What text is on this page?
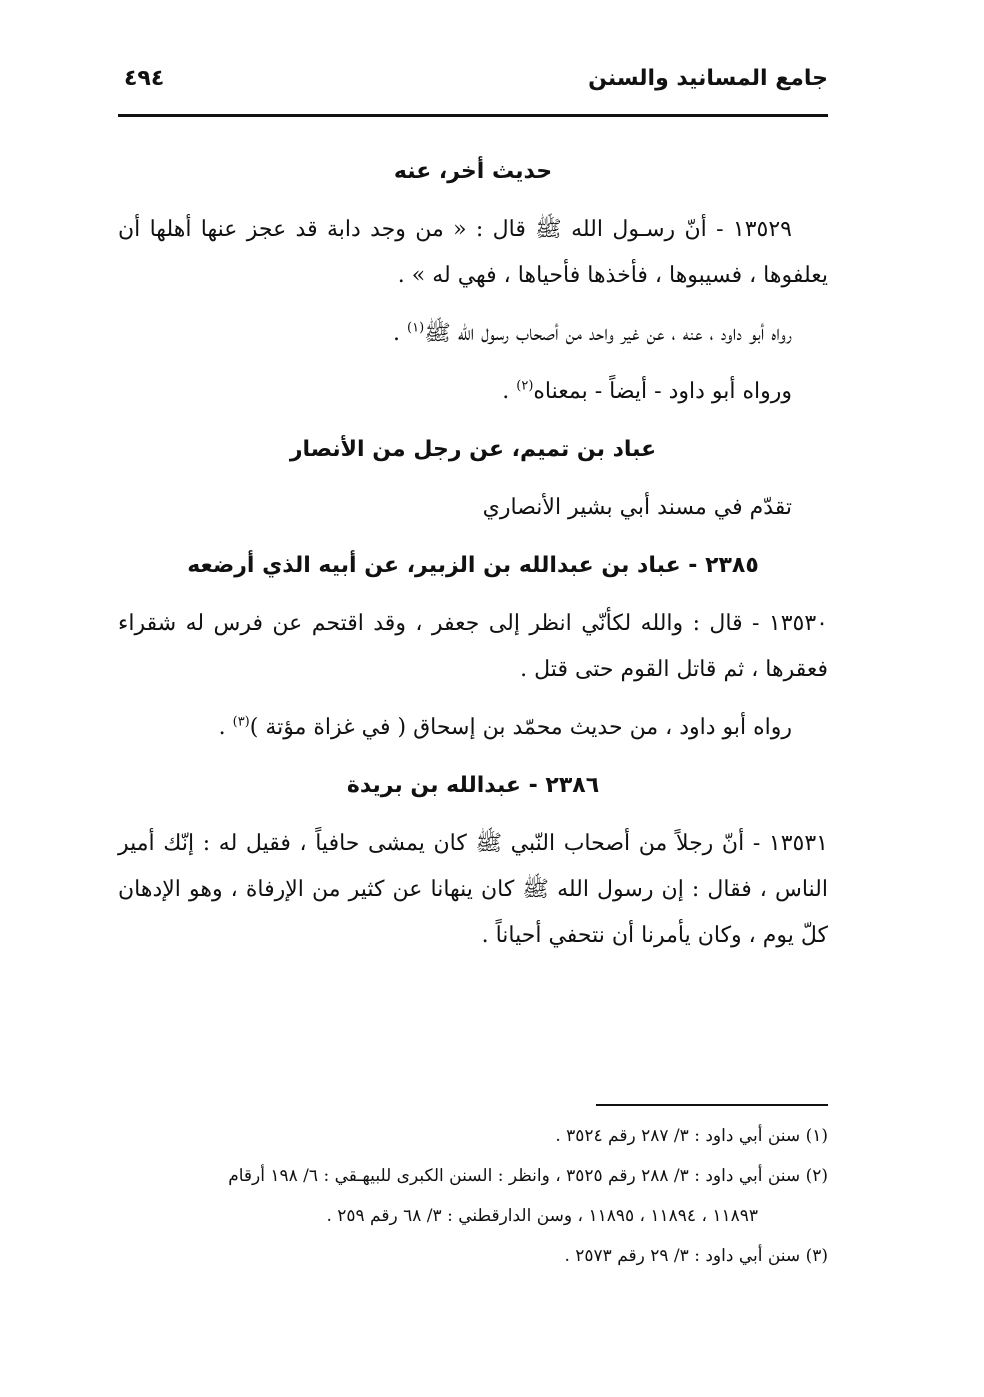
جامع المسانيد والسنن
٤٩٤
حديث أخر، عنه

١٣٥٢٩ - أنّ رسـول الله ﷺ قال : « من وجد دابة قد عجز عنها أهلها أن يعلفوها ، فسيبوها ، فأخذها فأحياها ، فهي له » .

رواه أبو داود ، عنه ، عن غير واحد من أصحاب رسول الله ﷺ$^{(١)}$ .

ورواه أبو داود - أيضاً - بمعناه$^{(٢)}$ .

عباد بن تميم، عن رجل من الأنصار

تقدّم في مسند أبي بشير الأنصاري

٢٣٨٥ - عباد بن عبدالله بن الزبير، عن أبيه الذي أرضعه

١٣٥٣٠ - قال : والله لكأنّي انظر إلى جعفر ، وقد اقتحم عن فرس له شقراء فعقرها ، ثم قاتل القوم حتى قتل .

رواه أبو داود ، من حديث محمّد بن إسحاق ( في غزاة مؤتة )$^{(٣)}$ .

٢٣٨٦ - عبدالله بن بريدة

١٣٥٣١ - أنّ رجلاً من أصحاب النّبي ﷺ كان يمشى حافياً ، فقيل له : إنّك أمير الناس ، فقال : إن رسول الله ﷺ كان ينهانا عن كثير من الإرفاة ، وهو الإدهان كلّ يوم ، وكان يأمرنا أن نتحفي أحياناً .

(١) سنن أبي داود : ٣/ ٢٨٧ رقم ٣٥٢٤ .

(٢) سنن أبي داود : ٣/ ٢٨٨ رقم ٣٥٢٥ ، وانظر : السنن الكبرى للبيهـقي : ٦/ ١٩٨ أرقام

١١٨٩٣ ، ١١٨٩٤ ، ١١٨٩٥ ، وسن الدارقطني : ٣/ ٦٨ رقم ٢٥٩ .

(٣) سنن أبي داود : ٣/ ٢٩ رقم ٢٥٧٣ .
